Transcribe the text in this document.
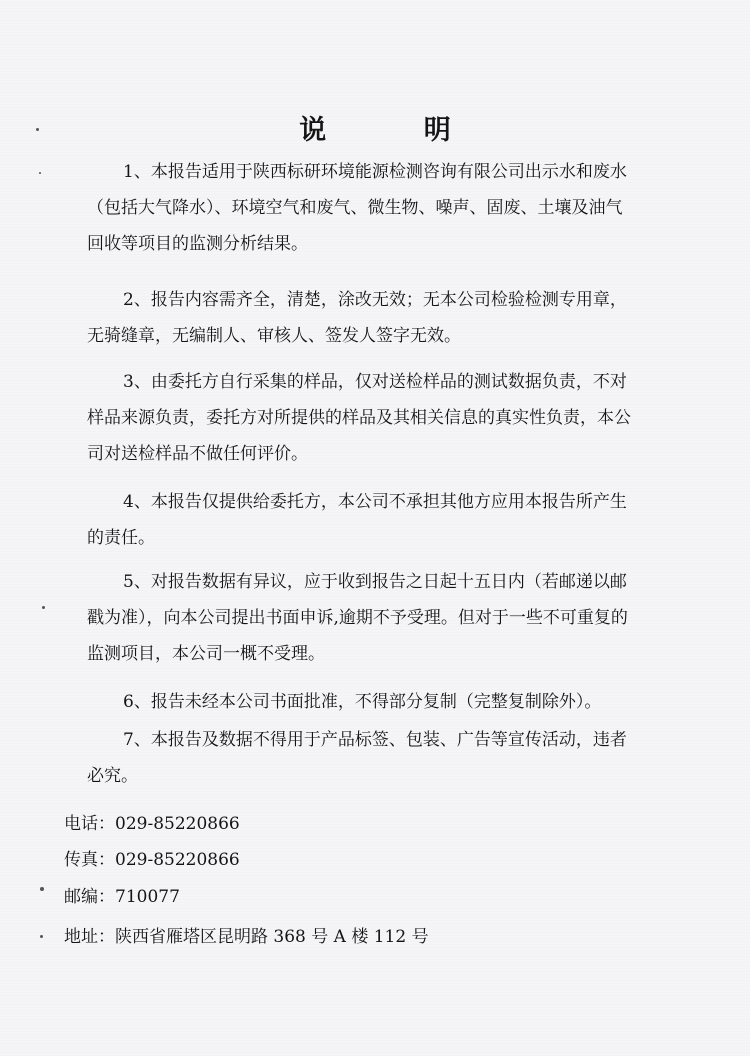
说 明
1、本报告适用于陕西标研环境能源检测咨询有限公司出示水和废水
（包括大气降水）、环境空气和废气、微生物、噪声、固废、土壤及油气
回收等项目的监测分析结果。
2、报告内容需齐全，清楚，涂改无效；无本公司检验检测专用章，
无骑缝章，无编制人、审核人、签发人签字无效。
3、由委托方自行采集的样品，仅对送检样品的测试数据负责，不对
样品来源负责，委托方对所提供的样品及其相关信息的真实性负责，本公
司对送检样品不做任何评价。
4、本报告仅提供给委托方，本公司不承担其他方应用本报告所产生
的责任。
5、对报告数据有异议，应于收到报告之日起十五日内（若邮递以邮
戳为准），向本公司提出书面申诉,逾期不予受理。但对于一些不可重复的
监测项目，本公司一概不受理。
6、报告未经本公司书面批准，不得部分复制（完整复制除外）。
7、本报告及数据不得用于产品标签、包装、广告等宣传活动，违者
必究。
电话：029-85220866
传真：029-85220866
邮编：710077
地址：陕西省雁塔区昆明路 368 号 A 楼 112 号
